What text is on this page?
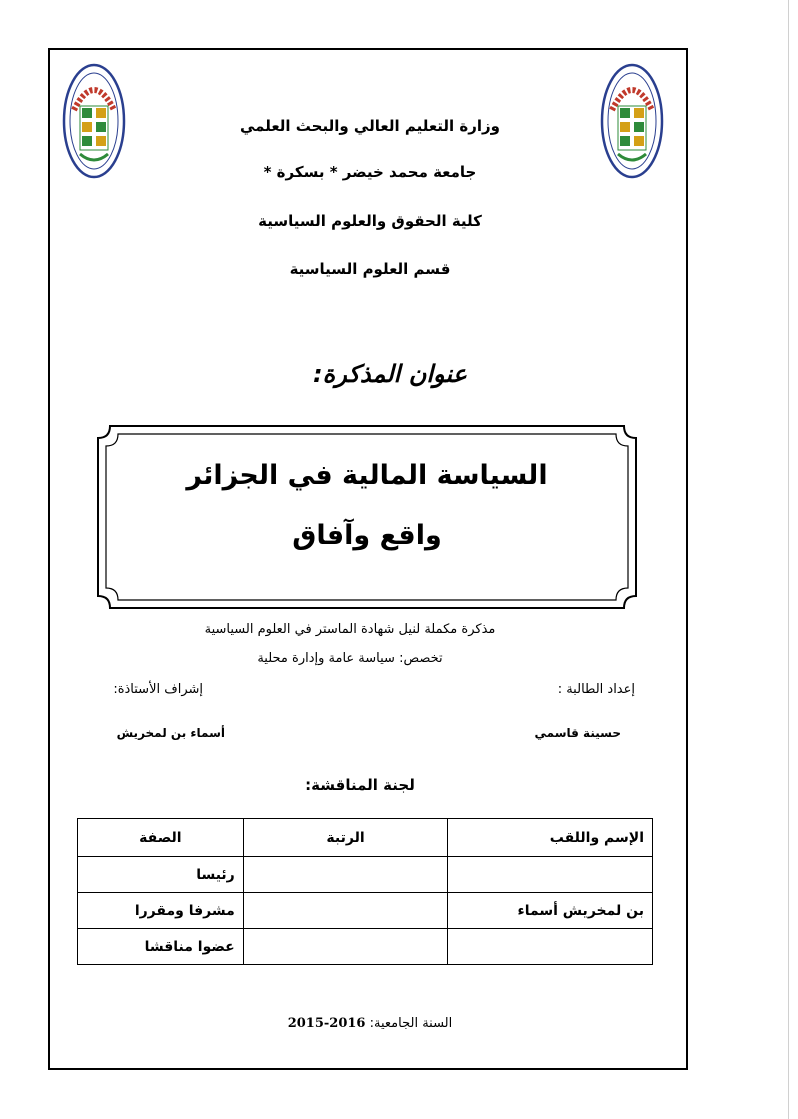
وزارة التعليم العالي والبحث العلمي
جامعة محمد خيضر * بسكرة *
كلية الحقوق والعلوم السياسية
قسم العلوم السياسية
عنوان المذكرة:
السياسة المالية في الجزائر
واقع وآفاق
مذكرة مكملة لنيل شهادة الماستر في العلوم السياسية
تخصص: سياسة عامة وإدارة محلية
إعداد الطالبة :
إشراف الأستاذة:
حسينة قاسمي
أسماء بن لمخريش
لجنة المناقشة:
الإسم واللقب	الرتبة	الصفة
		رئيسا
بن لمخريش أسماء		مشرفا ومقررا
		عضوا مناقشا
السنة الجامعية: 2015-2016
